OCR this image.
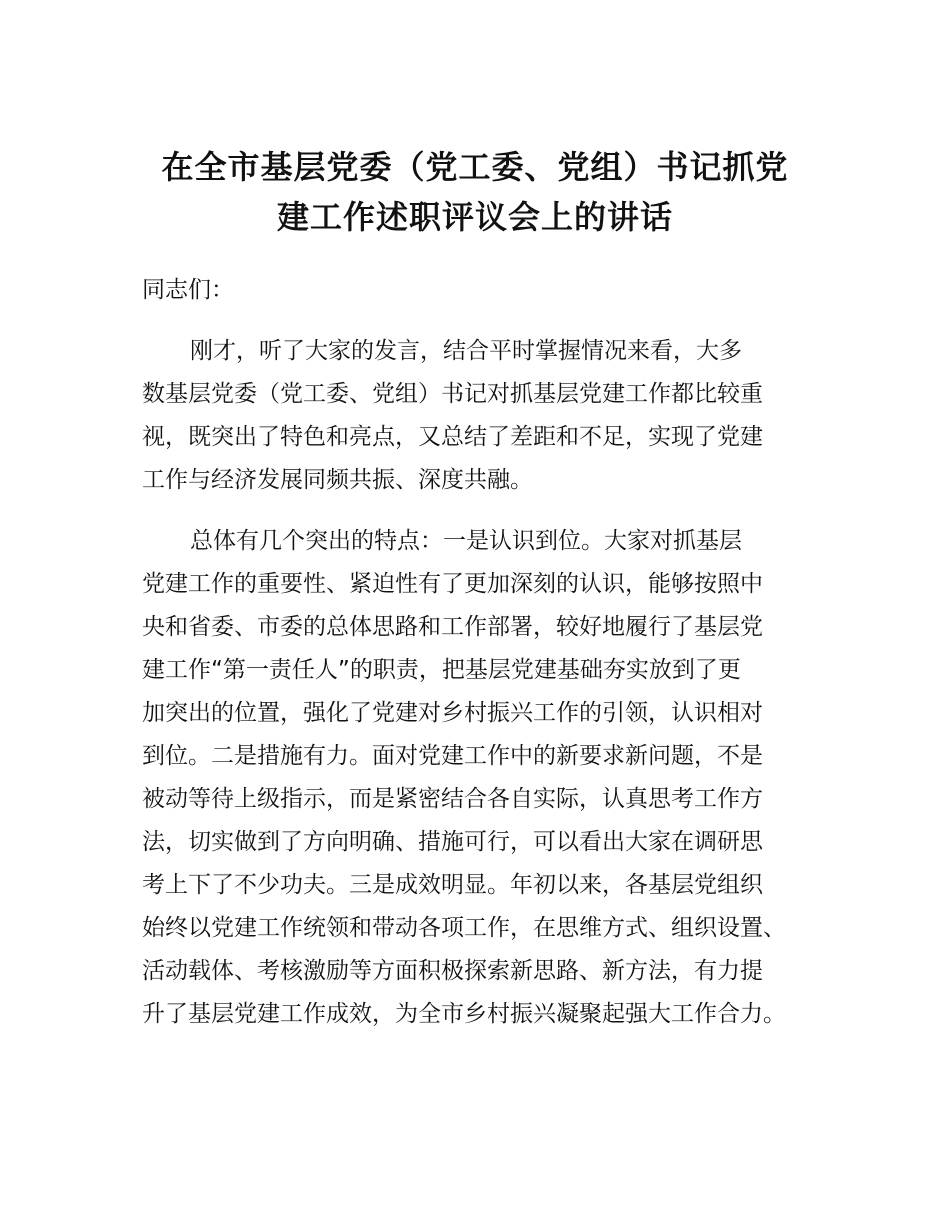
在全市基层党委（党工委、党组）书记抓党
建工作述职评议会上的讲话
同志们：
刚才，听了大家的发言，结合平时掌握情况来看，大多
数基层党委（党工委、党组）书记对抓基层党建工作都比较重
视，既突出了特色和亮点，又总结了差距和不足，实现了党建
工作与经济发展同频共振、深度共融。
总体有几个突出的特点：一是认识到位。大家对抓基层
党建工作的重要性、紧迫性有了更加深刻的认识，能够按照中
央和省委、市委的总体思路和工作部署，较好地履行了基层党
建工作“第一责任人”的职责，把基层党建基础夯实放到了更
加突出的位置，强化了党建对乡村振兴工作的引领，认识相对
到位。二是措施有力。面对党建工作中的新要求新问题，不是
被动等待上级指示，而是紧密结合各自实际，认真思考工作方
法，切实做到了方向明确、措施可行，可以看出大家在调研思
考上下了不少功夫。三是成效明显。年初以来，各基层党组织
始终以党建工作统领和带动各项工作，在思维方式、组织设置、
活动载体、考核激励等方面积极探索新思路、新方法，有力提
升了基层党建工作成效，为全市乡村振兴凝聚起强大工作合力。
